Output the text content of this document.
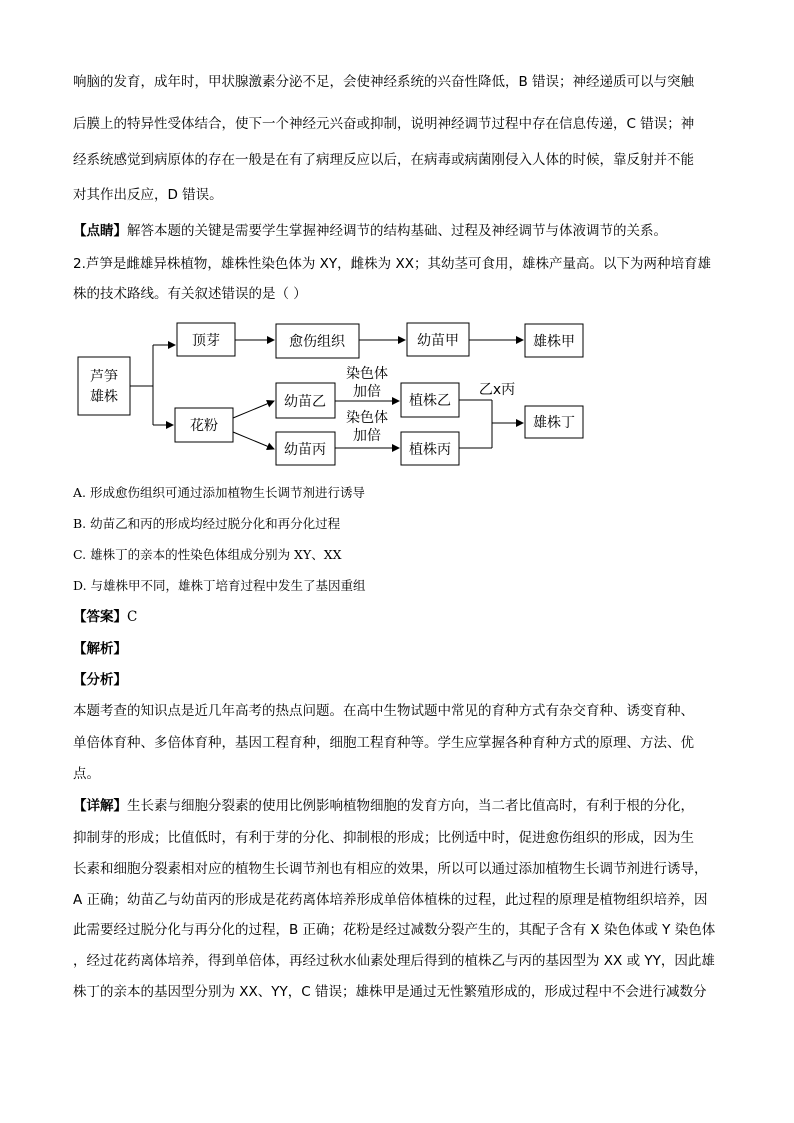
响脑的发育，成年时，甲状腺激素分泌不足，会使神经系统的兴奋性降低，B 错误；神经递质可以与突触
后膜上的特异性受体结合，使下一个神经元兴奋或抑制，说明神经调节过程中存在信息传递，C 错误；神
经系统感觉到病原体的存在一般是在有了病理反应以后，在病毒或病菌刚侵入人体的时候，靠反射并不能
对其作出反应，D 错误。
【点睛】解答本题的关键是需要学生掌握神经调节的结构基础、过程及神经调节与体液调节的关系。
2.芦笋是雌雄异株植物，雄株性染色体为 XY，雌株为 XX；其幼茎可食用，雄株产量高。以下为两种培育雄
株的技术路线。有关叙述错误的是（ ）
芦笋
雄株
顶芽	愈伤组织	幼苗甲	雄株甲
花粉
幼苗乙
幼苗丙
染色体
加倍
染色体
加倍
植株乙
植株丙
乙x丙
雄株丁
A. 形成愈伤组织可通过添加植物生长调节剂进行诱导
B. 幼苗乙和丙的形成均经过脱分化和再分化过程
C. 雄株丁的亲本的性染色体组成分别为 XY、XX
D. 与雄株甲不同，雄株丁培育过程中发生了基因重组
【答案】C
【解析】
【分析】
本题考查的知识点是近几年高考的热点问题。在高中生物试题中常见的育种方式有杂交育种、诱变育种、
单倍体育种、多倍体育种，基因工程育种，细胞工程育种等。学生应掌握各种育种方式的原理、方法、优
点。
【详解】生长素与细胞分裂素的使用比例影响植物细胞的发育方向，当二者比值高时，有利于根的分化，
抑制芽的形成；比值低时，有利于芽的分化、抑制根的形成；比例适中时，促进愈伤组织的形成，因为生
长素和细胞分裂素相对应的植物生长调节剂也有相应的效果，所以可以通过添加植物生长调节剂进行诱导，
A 正确；幼苗乙与幼苗丙的形成是花药离体培养形成单倍体植株的过程，此过程的原理是植物组织培养，因
此需要经过脱分化与再分化的过程，B 正确；花粉是经过减数分裂产生的，其配子含有 X 染色体或 Y 染色体
，经过花药离体培养，得到单倍体，再经过秋水仙素处理后得到的植株乙与丙的基因型为 XX 或 YY，因此雄
株丁的亲本的基因型分别为 XX、YY，C 错误；雄株甲是通过无性繁殖形成的，形成过程中不会进行减数分
